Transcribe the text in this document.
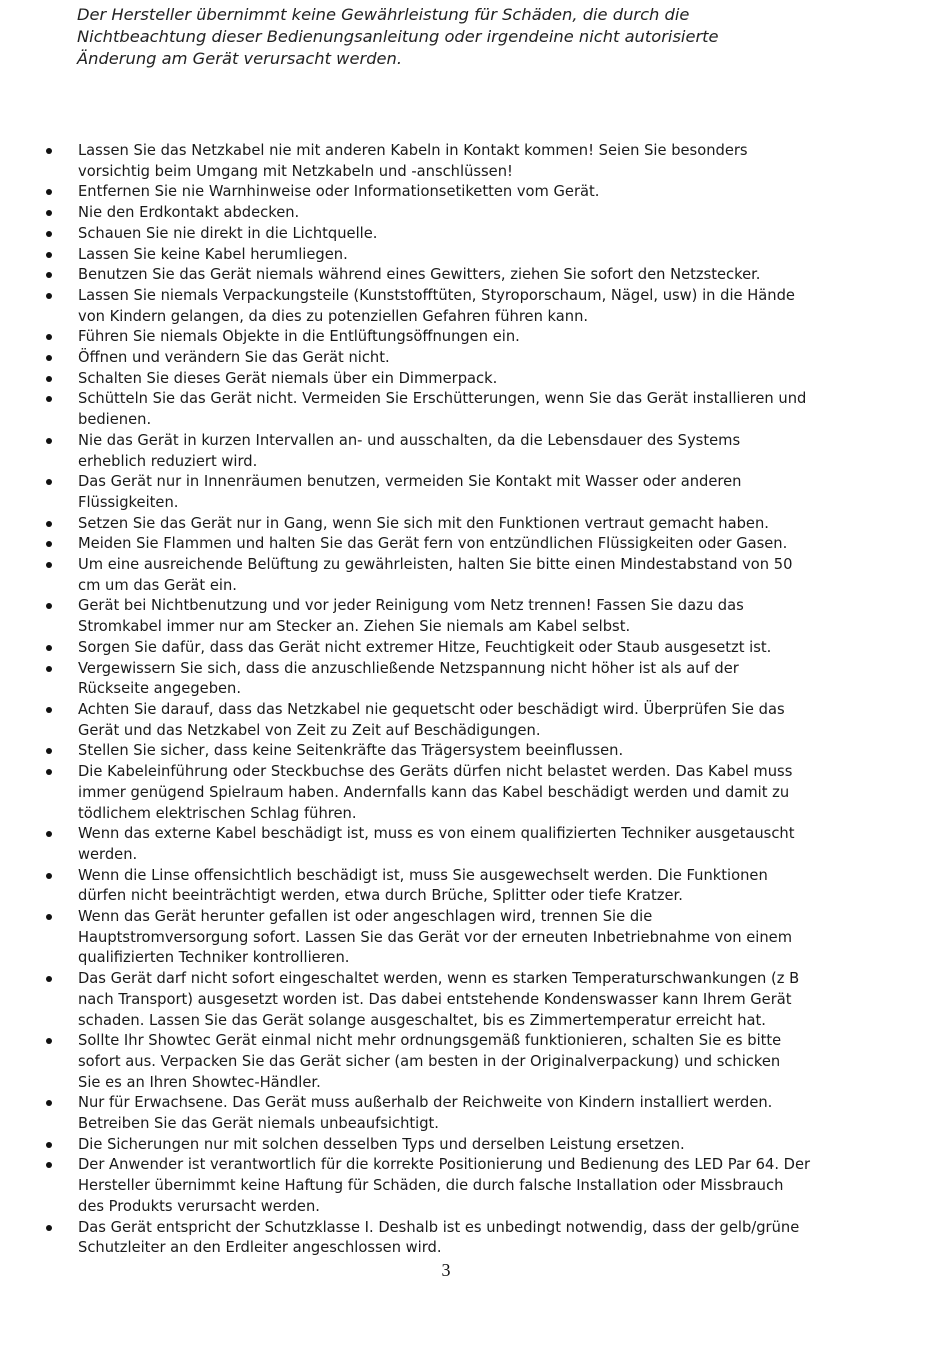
Der Hersteller übernimmt keine Gewährleistung für Schäden, die durch die
Nichtbeachtung dieser Bedienungsanleitung oder irgendeine nicht autorisierte
Änderung am Gerät verursacht werden.
Lassen Sie das Netzkabel nie mit anderen Kabeln in Kontakt kommen! Seien Sie besonders
vorsichtig beim Umgang mit Netzkabeln und -anschlüssen!
Entfernen Sie nie Warnhinweise oder Informationsetiketten vom Gerät.
Nie den Erdkontakt abdecken.
Schauen Sie nie direkt in die Lichtquelle.
Lassen Sie keine Kabel herumliegen.
Benutzen Sie das Gerät niemals während eines Gewitters, ziehen Sie sofort den Netzstecker.
Lassen Sie niemals Verpackungsteile (Kunststofftüten, Styroporschaum, Nägel, usw) in die Hände
von Kindern gelangen, da dies zu potenziellen Gefahren führen kann.
Führen Sie niemals Objekte in die Entlüftungsöffnungen ein.
Öffnen und verändern Sie das Gerät nicht.
Schalten Sie dieses Gerät niemals über ein Dimmerpack.
Schütteln Sie das Gerät nicht. Vermeiden Sie Erschütterungen, wenn Sie das Gerät installieren und
bedienen.
Nie das Gerät in kurzen Intervallen an- und ausschalten, da die Lebensdauer des Systems
erheblich reduziert wird.
Das Gerät nur in Innenräumen benutzen, vermeiden Sie Kontakt mit Wasser oder anderen
Flüssigkeiten.
Setzen Sie das Gerät nur in Gang, wenn Sie sich mit den Funktionen vertraut gemacht haben.
Meiden Sie Flammen und halten Sie das Gerät fern von entzündlichen Flüssigkeiten oder Gasen.
Um eine ausreichende Belüftung zu gewährleisten, halten Sie bitte einen Mindestabstand von 50
cm um das Gerät ein.
Gerät bei Nichtbenutzung und vor jeder Reinigung vom Netz trennen! Fassen Sie dazu das
Stromkabel immer nur am Stecker an. Ziehen Sie niemals am Kabel selbst.
Sorgen Sie dafür, dass das Gerät nicht extremer Hitze, Feuchtigkeit oder Staub ausgesetzt ist.
Vergewissern Sie sich, dass die anzuschließende Netzspannung nicht höher ist als auf der
Rückseite angegeben.
Achten Sie darauf, dass das Netzkabel nie gequetscht oder beschädigt wird. Überprüfen Sie das
Gerät und das Netzkabel von Zeit zu Zeit auf Beschädigungen.
Stellen Sie sicher, dass keine Seitenkräfte das Trägersystem beeinflussen.
Die Kabeleinführung oder Steckbuchse des Geräts dürfen nicht belastet werden. Das Kabel muss
immer genügend Spielraum haben. Andernfalls kann das Kabel beschädigt werden und damit zu
tödlichem elektrischen Schlag führen.
Wenn das externe Kabel beschädigt ist, muss es von einem qualifizierten Techniker ausgetauscht
werden.
Wenn die Linse offensichtlich beschädigt ist, muss Sie ausgewechselt werden. Die Funktionen
dürfen nicht beeinträchtigt werden, etwa durch Brüche, Splitter oder tiefe Kratzer.
Wenn das Gerät herunter gefallen ist oder angeschlagen wird, trennen Sie die
Hauptstromversorgung sofort. Lassen Sie das Gerät vor der erneuten Inbetriebnahme von einem
qualifizierten Techniker kontrollieren.
Das Gerät darf nicht sofort eingeschaltet werden, wenn es starken Temperaturschwankungen (z B
nach Transport) ausgesetzt worden ist. Das dabei entstehende Kondenswasser kann Ihrem Gerät
schaden. Lassen Sie das Gerät solange ausgeschaltet, bis es Zimmertemperatur erreicht hat.
Sollte Ihr Showtec Gerät einmal nicht mehr ordnungsgemäß funktionieren, schalten Sie es bitte
sofort aus. Verpacken Sie das Gerät sicher (am besten in der Originalverpackung) und schicken
Sie es an Ihren Showtec-Händler.
Nur für Erwachsene. Das Gerät muss außerhalb der Reichweite von Kindern installiert werden.
Betreiben Sie das Gerät niemals unbeaufsichtigt.
Die Sicherungen nur mit solchen desselben Typs und derselben Leistung ersetzen.
Der Anwender ist verantwortlich für die korrekte Positionierung und Bedienung des LED Par 64. Der
Hersteller übernimmt keine Haftung für Schäden, die durch falsche Installation oder Missbrauch
des Produkts verursacht werden.
Das Gerät entspricht der Schutzklasse I. Deshalb ist es unbedingt notwendig, dass der gelb/grüne
Schutzleiter an den Erdleiter angeschlossen wird.
3
